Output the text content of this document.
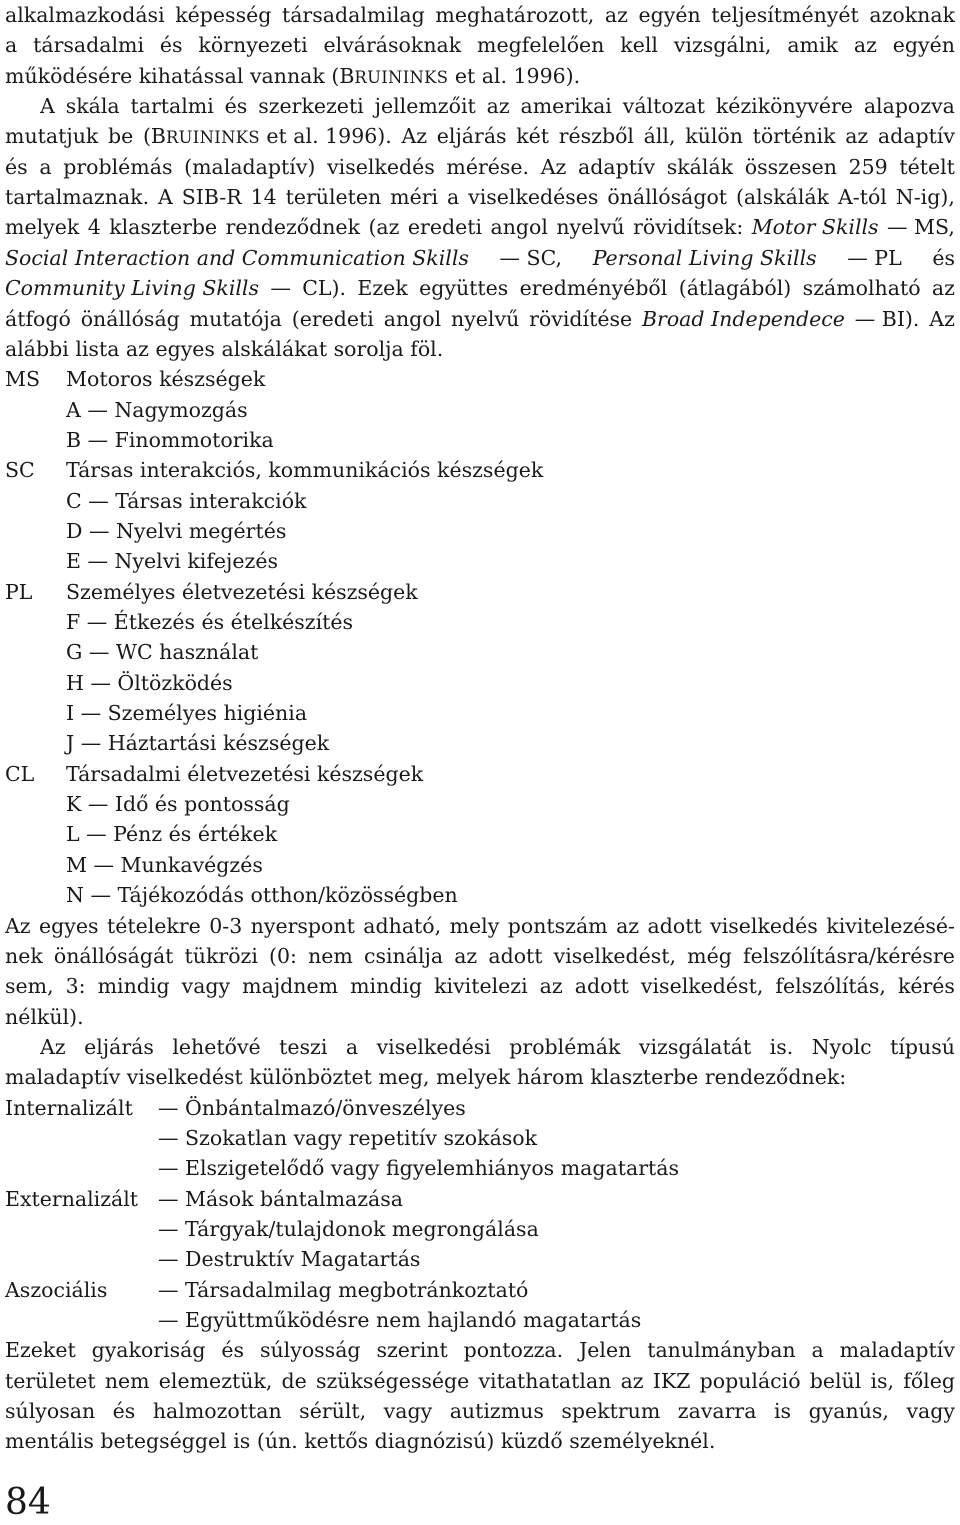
alkalmazkodási képesség társadalmilag meghatározott, az egyén teljesítményét azoknak
a társadalmi és környezeti elvárásoknak megfelelően kell vizsgálni, amik az egyén
működésére kihatással vannak (BRUININKS et al. 1996).
A skála tartalmi és szerkezeti jellemzőit az amerikai változat kézikönyvére alapozva
mutatjuk be (BRUININKS et al. 1996). Az eljárás két részből áll, külön történik az adaptív
és a problémás (maladaptív) viselkedés mérése. Az adaptív skálák összesen 259 tételt
tartalmaznak. A SIB-R 14 területen méri a viselkedéses önállóságot (alskálák A-tól N-ig),
melyek 4 klaszterbe rendeződnek (az eredeti angol nyelvű rövidítsek: Motor Skills — MS,
Social Interaction and Communication Skills — SC, Personal Living Skills — PL és
Community Living Skills — CL). Ezek együttes eredményéből (átlagából) számolható az
átfogó önállóság mutatója (eredeti angol nyelvű rövidítése Broad Independece — BI). Az
alábbi lista az egyes alskálákat sorolja föl.
MS Motoros készségek
A — Nagymozgás
B — Finommotorika
SC Társas interakciós, kommunikációs készségek
C — Társas interakciók
D — Nyelvi megértés
E — Nyelvi kifejezés
PL Személyes életvezetési készségek
F — Étkezés és ételkészítés
G — WC használat
H — Öltözködés
I — Személyes higiénia
J — Háztartási készségek
CL Társadalmi életvezetési készségek
K — Idő és pontosság
L — Pénz és értékek
M — Munkavégzés
N — Tájékozódás otthon/közösségben
Az egyes tételekre 0-3 nyerspont adható, mely pontszám az adott viselkedés kivitelezésé-
nek önállóságát tükrözi (0: nem csinálja az adott viselkedést, még felszólításra/kérésre
sem, 3: mindig vagy majdnem mindig kivitelezi az adott viselkedést, felszólítás, kérés
nélkül).
Az eljárás lehetővé teszi a viselkedési problémák vizsgálatát is. Nyolc típusú
maladaptív viselkedést különböztet meg, melyek három klaszterbe rendeződnek:
Internalizált — Önbántalmazó/önveszélyes
— Szokatlan vagy repetitív szokások
— Elszigetelődő vagy figyelemhiányos magatartás
Externalizált — Mások bántalmazása
— Tárgyak/tulajdonok megrongálása
— Destruktív Magatartás
Aszociális — Társadalmilag megbotránkoztató
— Együttműködésre nem hajlandó magatartás
Ezeket gyakoriság és súlyosság szerint pontozza. Jelen tanulmányban a maladaptív
területet nem elemeztük, de szükségessége vitathatatlan az IKZ populáció belül is, főleg
súlyosan és halmozottan sérült, vagy autizmus spektrum zavarra is gyanús, vagy
mentális betegséggel is (ún. kettős diagnózisú) küzdő személyeknél.
84
